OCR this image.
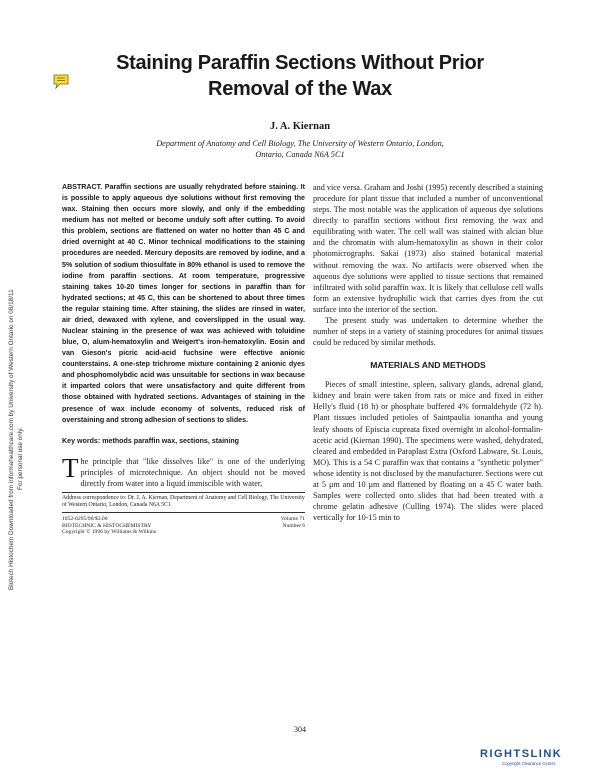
Biotech Histochem Downloaded from informahealthcare.com by University of Western Ontario on 08/18/11 For personal use only.
Staining Paraffin Sections Without Prior
Removal of the Wax
J. A. Kiernan
Department of Anatomy and Cell Biology, The University of Western Ontario, London,
Ontario, Canada N6A 5C1
ABSTRACT. Paraffin sections are usually rehydrated before staining. It is possible to apply aqueous dye solutions without first removing the wax. Staining then occurs more slowly, and only if the embedding medium has not melted or become unduly soft after cutting. To avoid this problem, sections are flattened on water no hotter than 45 C and dried overnight at 40 C. Minor technical modifications to the staining procedures are needed. Mercury deposits are removed by iodine, and a 5% solution of sodium thiosulfate in 80% ethanol is used to remove the iodine from paraffin sections. At room temperature, progressive staining takes 10-20 times longer for sections in paraffin than for hydrated sections; at 45 C, this can be shortened to about three times the regular staining time. After staining, the slides are rinsed in water, air dried, dewaxed with xylene, and coverslipped in the usual way. Nuclear staining in the presence of wax was achieved with toluidine blue, O, alum-hematoxylin and Weigert's iron-hematoxylin. Eosin and van Gieson's picric acid-acid fuchsine were effective anionic counterstains. A one-step trichrome mixture containing 2 anionic dyes and phosphomolybdic acid was unsuitable for sections in wax because it imparted colors that were unsatisfactory and quite different from those obtained with hydrated sections. Advantages of staining in the presence of wax include economy of solvents, reduced risk of overstaining and strong adhesion of sections to slides.
Key words: methods paraffin wax, sections, staining
The principle that "like dissolves like" is one of the underlying principles of microtechnique. An object should not be moved directly from water into a liquid immiscible with water,
Address correspondence to: Dr. J. A. Kiernan, Department of Anatomy and Cell Biology, The University of Western Ontario, London, Canada N6A 5C1
1052-0295/96/$3.00
BIOTECHNIC & HISTOCHEMISTRY
Copyright © 1996 by Williams & Wilkins
Volume 71
Number 6

and vice versa. Graham and Joshi (1995) recently described a staining procedure for plant tissue that included a number of unconventional steps. The most notable was the application of aqueous dye solutions directly to paraffin sections without first removing the wax and equilibrating with water. The cell wall was stained with alcian blue and the chromatin with alum-hematoxylin as shown in their color photomicrographs. Sakai (1973) also stained botanical material without removing the wax. No artifacts were observed when the aqueous dye solutions were applied to tissue sections that remained infiltrated with solid paraffin wax. It is likely that cellulose cell walls form an extensive hydrophilic wick that carries dyes from the cut surface into the interior of the section.

The present study was undertaken to determine whether the number of steps in a variety of staining procedures for animal tissues could be reduced by similar methods.

MATERIALS AND METHODS

Pieces of small intestine, spleen, salivary glands, adrenal gland, kidney and brain were taken from rats or mice and fixed in either Helly's fluid (18 h) or phosphate buffered 4% formaldehyde (72 h). Plant tissues included petioles of Saintpaulia ionantha and young leafy shoots of Episcia cupreata fixed overnight in alcohol-formalin-acetic acid (Kiernan 1990). The specimens were washed, dehydrated, cleared and embedded in Paraplast Extra (Oxford Labware, St. Louis, MO). This is a 54 C paraffin wax that contains a "synthetic polymer" whose identity is not disclosed by the manufacturer. Sections were cut at 5 μm and 10 μm and flattened by floating on a 45 C water bath. Samples were collected onto slides that had been treated with a chrome gelatin adhesive (Culling 1974). The slides were placed vertically for 10-15 min to

304
RIGHTSLINK
Copyright Clearance Center
